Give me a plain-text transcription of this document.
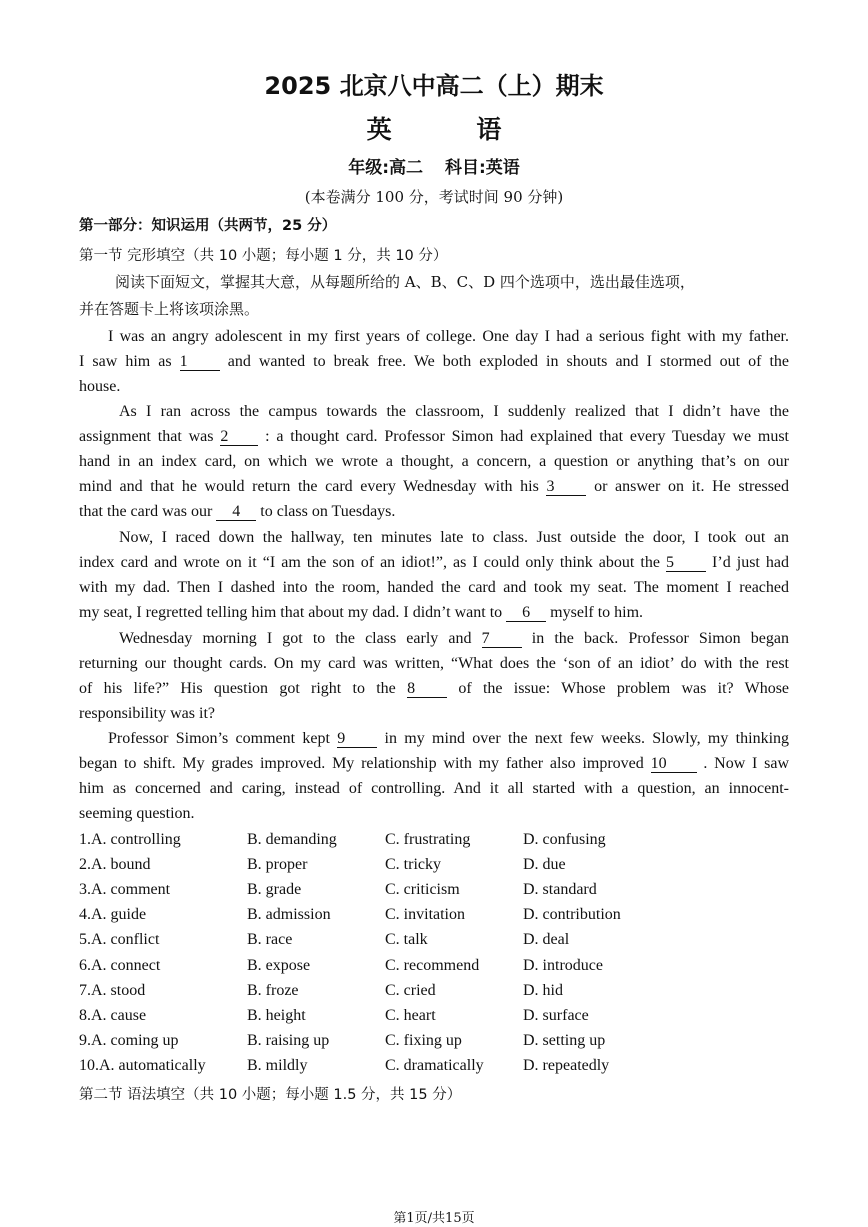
2025 北京八中高二（上）期末
英 语
年级:高二 科目:英语
(本卷满分 100 分，考试时间 90 分钟)
第一部分：知识运用（共两节，25 分）
第一节 完形填空（共 10 小题；每小题 1 分，共 10 分）
阅读下面短文，掌握其大意，从每题所给的 A、B、C、D 四个选项中，选出最佳选项，
并在答题卡上将该项涂黑。
I was an angry adolescent in my first years of college. One day I had a serious fight with my father.
I saw him as 1	and wanted to break free. We both exploded in shouts and I stormed out of the
house.
As I ran across the campus towards the classroom, I suddenly realized that I didn’t have the
assignment that was 2 : a thought card. Professor Simon had explained that every Tuesday we must
hand in an index card, on which we wrote a thought, a concern, a question or anything that’s on our
mind and that he would return the card every Wednesday with his 3 or answer on it. He stressed
that the card was our 4 to class on Tuesdays.
Now, I raced down the hallway, ten minutes late to class. Just outside the door, I took out an
index card and wrote on it “I am the son of an idiot!”, as I could only think about the 5 I’d just had
with my dad. Then I dashed into the room, handed the card and took my seat. The moment I reached
my seat, I regretted telling him that about my dad. I didn’t want to 6 myself to him.
Wednesday morning I got to the class early and 7	in the back. Professor Simon began
returning our thought cards. On my card was written, “What does the ‘son of an idiot’ do with the rest
of his life?” His question got right to the 8	of the issue: Whose problem was it? Whose
responsibility was it?
Professor Simon’s comment kept 9 in my mind over the next few weeks. Slowly, my thinking
began to shift. My grades improved. My relationship with my father also improved 10 . Now I saw
him as concerned and caring, instead of controlling. And it all started with a question, an innocent-
seeming question.
1.A. controlling	B. demanding	C. frustrating	D. confusing
2.A. bound	B. proper	C. tricky	D. due
3.A. comment	B. grade	C. criticism	D. standard
4.A. guide	B. admission	C. invitation	D. contribution
5.A. conflict	B. race	C. talk	D. deal
6.A. connect	B. expose	C. recommend	D. introduce
7.A. stood	B. froze	C. cried	D. hid
8.A. cause	B. height	C. heart	D. surface
9.A. coming up	B. raising up	C. fixing up	D. setting up
10.A. automatically	B. mildly	C. dramatically D. repeatedly
第二节 语法填空（共 10 小题；每小题 1.5 分，共 15 分）
第1页/共15页
